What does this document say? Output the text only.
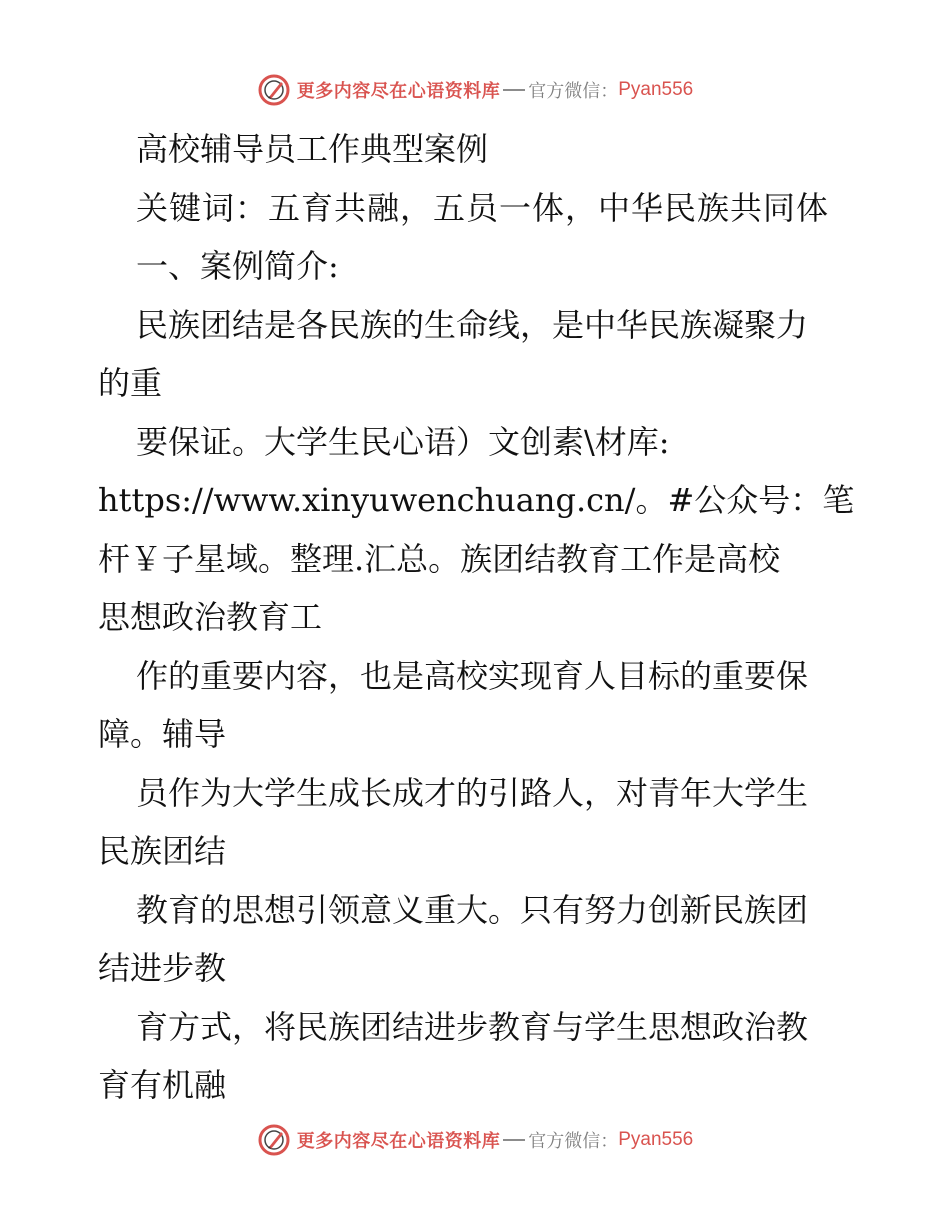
更多内容尽在心语资料库 官方微信： Pyan556
高校辅导员工作典型案例
关键词：五育共融，五员一体，中华民族共同体
一、案例简介:
民族团结是各民族的生命线，是中华民族凝聚力
的重
要保证。大学生民心语）文创素\材库:
https://www.xinyuwenchuang.cn/。#公众号：笔
杆￥子星域。整理.汇总。族团结教育工作是高校
思想政治教育工
作的重要内容，也是高校实现育人目标的重要保
障。辅导
员作为大学生成长成才的引路人，对青年大学生
民族团结
教育的思想引领意义重大。只有努力创新民族团
结进步教
育方式，将民族团结进步教育与学生思想政治教
育有机融
更多内容尽在心语资料库 官方微信： Pyan556
